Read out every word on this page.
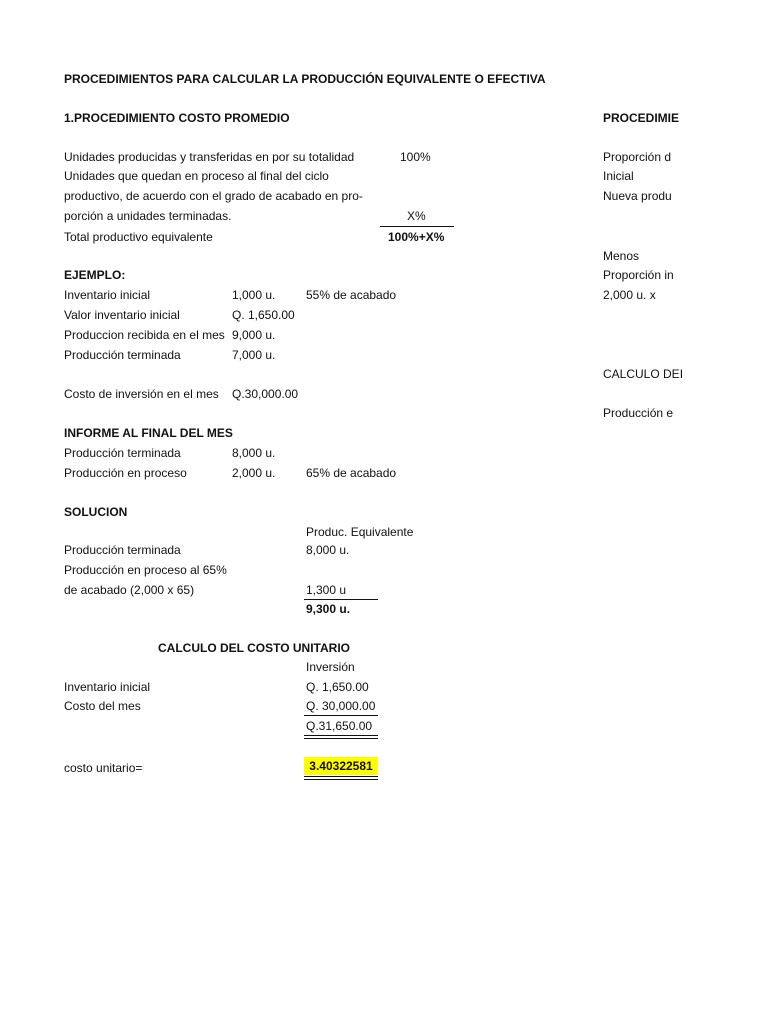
PROCEDIMIENTOS PARA CALCULAR LA PRODUCCIÓN EQUIVALENTE O EFECTIVA
1.PROCEDIMIENTO COSTO PROMEDIO
Unidades producidas y transferidas en por su totalidad	100%
Unidades que quedan en proceso al final del ciclo
productivo, de acuerdo con el grado de acabado en pro-
porción a unidades terminadas.	X%
Total productivo equivalente	100%+X%
EJEMPLO:
Inventario inicial	1,000 u.	55% de acabado
Valor inventario inicial	Q. 1,650.00
Produccion recibida en el mes 9,000 u.
Producción terminada	7,000 u.
Costo de inversión en el mes Q.30,000.00
INFORME AL FINAL DEL MES
Producción terminada	8,000 u.
Producción en proceso	2,000 u.	65% de acabado
SOLUCION
Produc. Equivalente
Producción terminada	8,000 u.
Producción en proceso al 65%
de acabado (2,000 x 65)	1,300 u
9,300 u.
CALCULO DEL COSTO UNITARIO
Inversión
Inventario inicial	Q. 1,650.00
Costo del mes	Q. 30,000.00
Q.31,650.00
costo unitario=	3.40322581
PROCEDIMIE
Proporción d
Inicial
Nueva produ
Menos
Proporción in
2,000 u. x
CALCULO DEI
Producción e
